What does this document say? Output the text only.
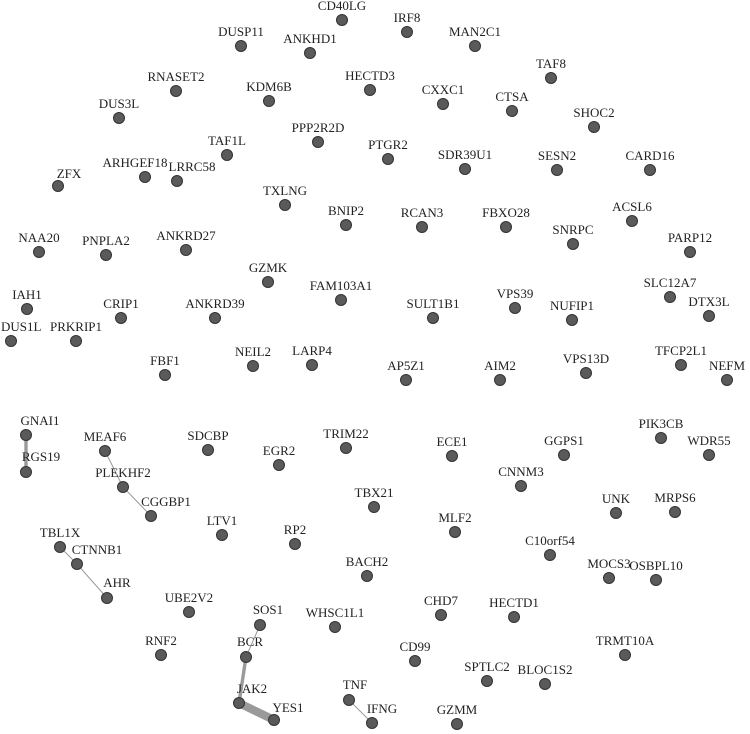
CD40LG
IRF8
MAN2C1
DUSP11 ANKHD1
TAF8
RNASET2
KDM6B
HECTD3
CXXC1 CTSA
SHOC2
DUS3L
PPP2R2D
TAF1L	PTGR2
SDR39U1	SESN2	CARD16
ZFX
ARHGEF18 LRRC58
TXLNG
BNIP2	RCAN3	FBXO28
SNRPC
ACSL6
PARP12
NAA20 PNPLA2 ANKRD27
GZMK
FAM103A1	SLC12A7
IAH1
CRIP1	ANKRD39	SULT1B1
VPS39
NUFIP1	DTX3L
DUS1L PRKRIP1
FBF1
NEIL2 LARP4
AP5Z1	AIM2	VPS13D
TFCP2L1
NEFM
GNAI1
RGS19
MEAF6	SDCBP
EGR2
TRIM22
ECE1	GGPS1
PIK3CB
WDR55
PLEKHF2
CGGBP1
CNNM3
TBX21	UNK MRPS6
LTV1
RP2
MLF2
C10orf54
TBL1X
CTNNB1
BACH2	MOCS3
OSBPL10
AHR
UBE2V2
SOS1 WHSC1L1
CHD7 HECTD1
RNF2	BCR	TRMT10A
CD99
SPTLC2 BLOC1S2
TNF
JAK2
YES1	IFNG	GZMM
